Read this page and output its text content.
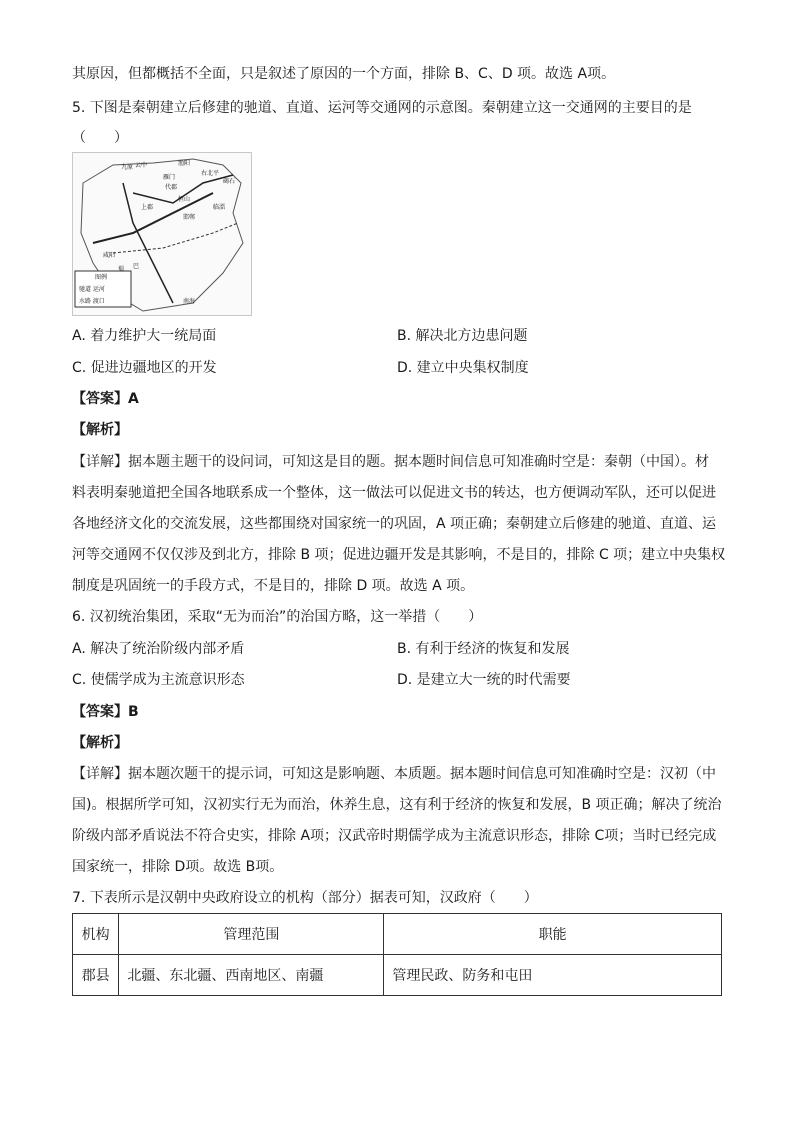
其原因，但都概括不全面，只是叙述了原因的一个方面，排除 B、C、D 项。故选 A项。
5. 下图是秦朝建立后修建的驰道、直道、运河等交通网的示意图。秦朝建立这一交通网的主要目的是
（　　）
九原 云中	渔阳
雁门
代郡
右北平
碣石
咸阳
上郡	临淄
恒山
邯郸
巴
蜀
南海
图例
驰道 运河
水路 渡口
A. 着力维护大一统局面	B. 解决北方边患问题
C. 促进边疆地区的开发	D. 建立中央集权制度
【答案】A
【解析】
【详解】据本题主题干的设问词，可知这是目的题。据本题时间信息可知准确时空是：秦朝（中国）。材
料表明秦驰道把全国各地联系成一个整体，这一做法可以促进文书的转达，也方便调动军队，还可以促进
各地经济文化的交流发展，这些都围绕对国家统一的巩固，A 项正确；秦朝建立后修建的驰道、直道、运
河等交通网不仅仅涉及到北方，排除 B 项；促进边疆开发是其影响，不是目的，排除 C 项；建立中央集权
制度是巩固统一的手段方式，不是目的，排除 D 项。故选 A 项。
6. 汉初统治集团，采取“无为而治”的治国方略，这一举措（　　）
A. 解决了统治阶级内部矛盾	B. 有利于经济的恢复和发展
C. 使儒学成为主流意识形态	D. 是建立大一统的时代需要
【答案】B
【解析】
【详解】据本题次题干的提示词，可知这是影响题、本质题。据本题时间信息可知准确时空是：汉初（中
国)。根据所学可知，汉初实行无为而治，休养生息，这有利于经济的恢复和发展，B 项正确；解决了统治
阶级内部矛盾说法不符合史实，排除 A项；汉武帝时期儒学成为主流意识形态，排除 C项；当时已经完成
国家统一，排除 D项。故选 B项。
7. 下表所示是汉朝中央政府设立的机构（部分）据表可知，汉政府（　　）
机构	管理范围	职能
郡县	北疆、东北疆、西南地区、南疆	管理民政、防务和屯田
